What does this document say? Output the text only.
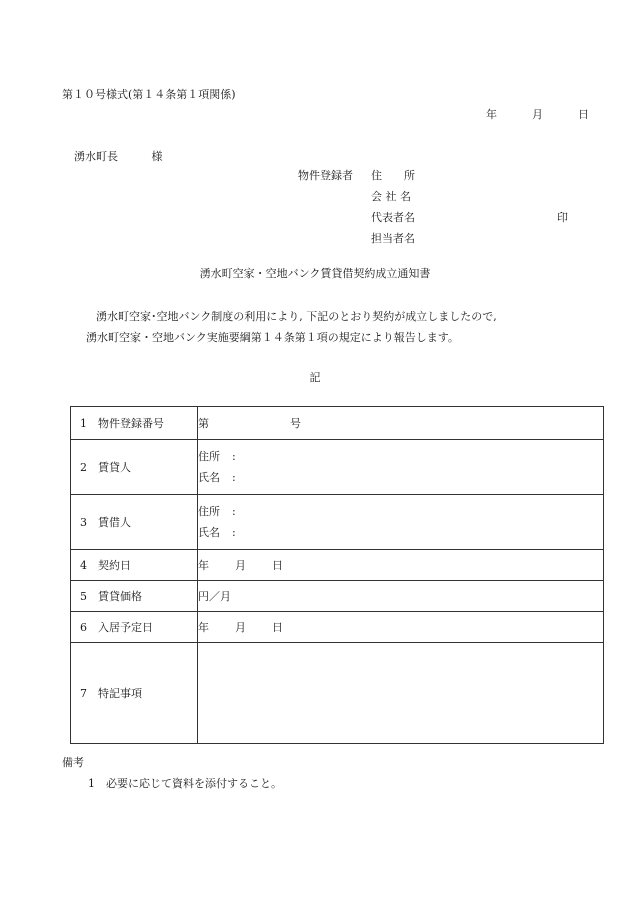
第１０号様式(第１４条第１項関係)
年	月	日
湧水町長	様
物件登録者 住　　所
会 社 名
代表者名
担当者名
印
湧水町空家・空地バンク賃貸借契約成立通知書
湧水町空家･空地バンク制度の利用により, 下記のとおり契約が成立しましたので,
湧水町空家・空地バンク実施要綱第１４条第１項の規定により報告します。
記
1　物件登録番号	第 号
2　賃貸人	住所 :
氏名 :

3　賃借人	住所 :
氏名 :

4　契約日	年 月 日
5　賃貸価格	円／月
6　入居予定日	年 月 日
7　特記事項	
備考
1　必要に応じて資料を添付すること。
